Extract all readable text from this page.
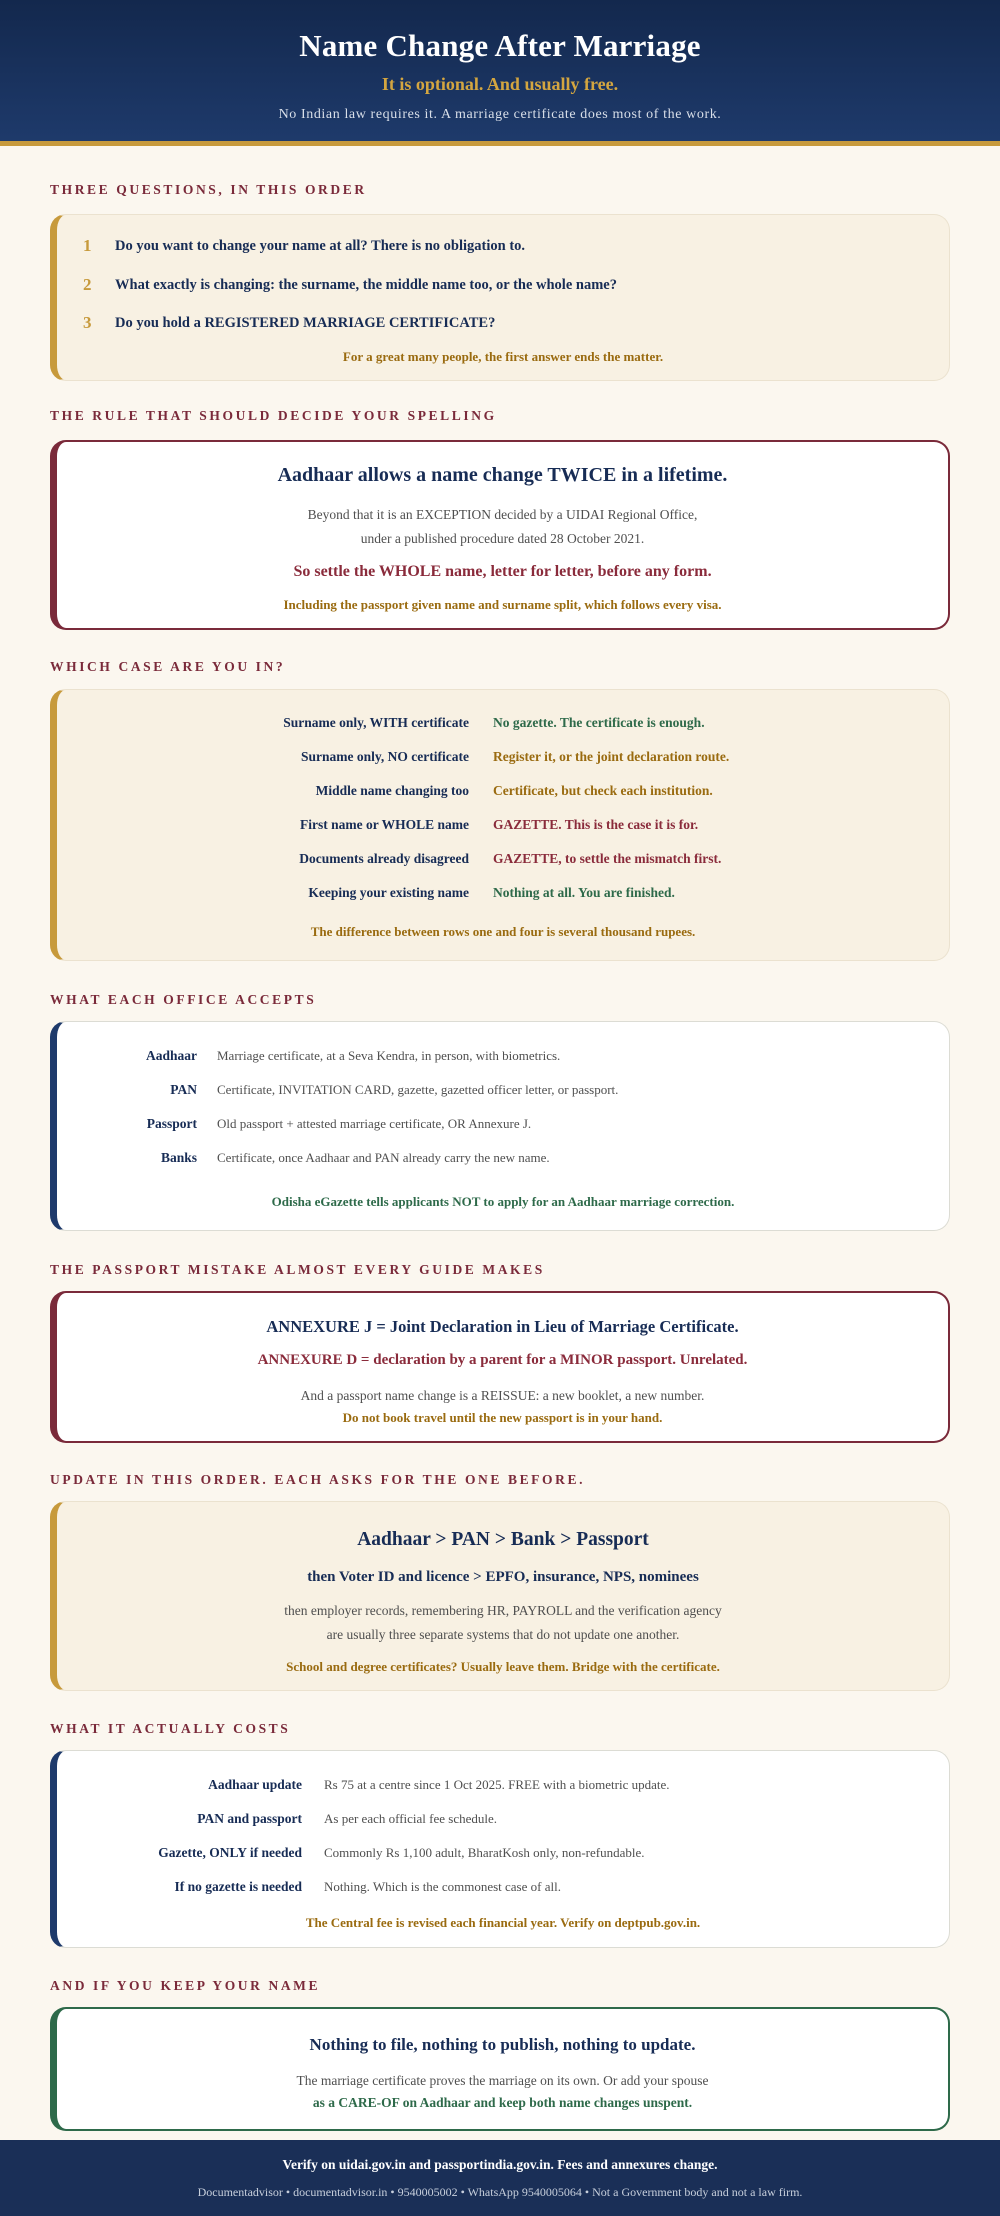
Name Change After Marriage
It is optional. And usually free.
No Indian law requires it. A marriage certificate does most of the work.
THREE QUESTIONS, IN THIS ORDER
1	Do you want to change your name at all? There is no obligation to.
2	What exactly is changing: the surname, the middle name too, or the whole name?
3	Do you hold a REGISTERED MARRIAGE CERTIFICATE?
For a great many people, the first answer ends the matter.
THE RULE THAT SHOULD DECIDE YOUR SPELLING
Aadhaar allows a name change TWICE in a lifetime.
Beyond that it is an EXCEPTION decided by a UIDAI Regional Office,
under a published procedure dated 28 October 2021.
So settle the WHOLE name, letter for letter, before any form.
Including the passport given name and surname split, which follows every visa.
WHICH CASE ARE YOU IN?
Surname only, WITH certificate	No gazette. The certificate is enough.
Surname only, NO certificate	Register it, or the joint declaration route.
Middle name changing too	Certificate, but check each institution.
First name or WHOLE name	GAZETTE. This is the case it is for.
Documents already disagreed	GAZETTE, to settle the mismatch first.
Keeping your existing name	Nothing at all. You are finished.
The difference between rows one and four is several thousand rupees.
WHAT EACH OFFICE ACCEPTS
Aadhaar	Marriage certificate, at a Seva Kendra, in person, with biometrics.
PAN	Certificate, INVITATION CARD, gazette, gazetted officer letter, or passport.
Passport	Old passport + attested marriage certificate, OR Annexure J.
Banks	Certificate, once Aadhaar and PAN already carry the new name.
Odisha eGazette tells applicants NOT to apply for an Aadhaar marriage correction.
THE PASSPORT MISTAKE ALMOST EVERY GUIDE MAKES
ANNEXURE J = Joint Declaration in Lieu of Marriage Certificate.
ANNEXURE D = declaration by a parent for a MINOR passport. Unrelated.
And a passport name change is a REISSUE: a new booklet, a new number.
Do not book travel until the new passport is in your hand.
UPDATE IN THIS ORDER. EACH ASKS FOR THE ONE BEFORE.
Aadhaar > PAN > Bank > Passport
then Voter ID and licence > EPFO, insurance, NPS, nominees
then employer records, remembering HR, PAYROLL and the verification agency
are usually three separate systems that do not update one another.
School and degree certificates? Usually leave them. Bridge with the certificate.
WHAT IT ACTUALLY COSTS
Aadhaar update	Rs 75 at a centre since 1 Oct 2025. FREE with a biometric update.
PAN and passport	As per each official fee schedule.
Gazette, ONLY if needed	Commonly Rs 1,100 adult, BharatKosh only, non-refundable.
If no gazette is needed	Nothing. Which is the commonest case of all.
The Central fee is revised each financial year. Verify on deptpub.gov.in.
AND IF YOU KEEP YOUR NAME
Nothing to file, nothing to publish, nothing to update.
The marriage certificate proves the marriage on its own. Or add your spouse
as a CARE-OF on Aadhaar and keep both name changes unspent.
Verify on uidai.gov.in and passportindia.gov.in. Fees and annexures change.
Documentadvisor • documentadvisor.in • 9540005002 • WhatsApp 9540005064 • Not a Government body and not a law firm.
